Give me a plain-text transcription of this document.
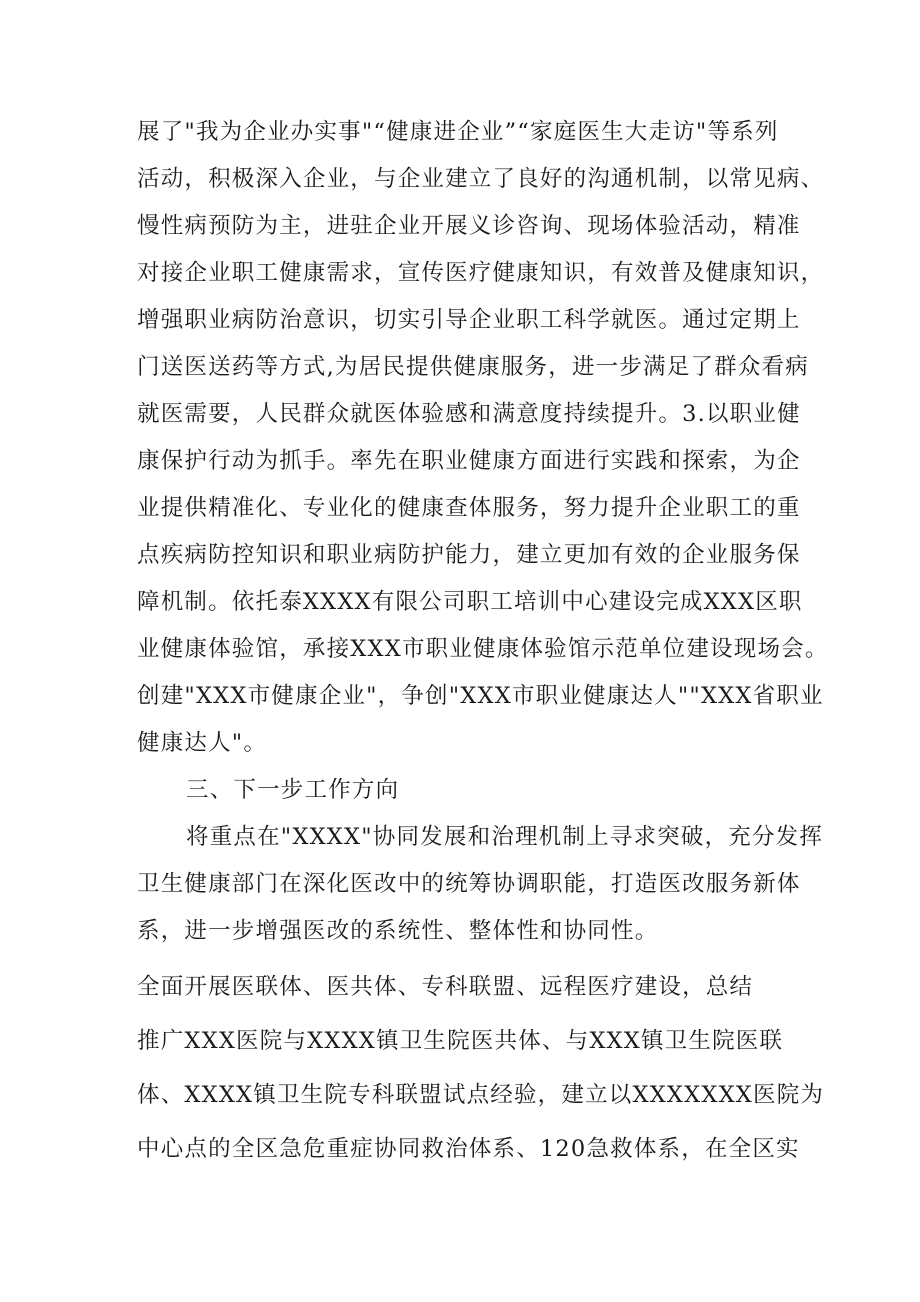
展了"我为企业办实事"“健康进企业”“家庭医生大走访"等系列
活动，积极深入企业，与企业建立了良好的沟通机制，以常见病、
慢性病预防为主，进驻企业开展义诊咨询、现场体验活动，精准
对接企业职工健康需求，宣传医疗健康知识，有效普及健康知识，
增强职业病防治意识，切实引导企业职工科学就医。通过定期上
门送医送药等方式,为居民提供健康服务，进一步满足了群众看病
就医需要，人民群众就医体验感和满意度持续提升。3.以职业健
康保护行动为抓手。率先在职业健康方面进行实践和探索，为企
业提供精准化、专业化的健康查体服务，努力提升企业职工的重
点疾病防控知识和职业病防护能力，建立更加有效的企业服务保
障机制。依托泰XXXX有限公司职工培训中心建设完成XXX区职
业健康体验馆，承接XXX市职业健康体验馆示范单位建设现场会。
创建"XXX市健康企业"，争创"XXX市职业健康达人""XXX省职业
健康达人"。
三、下一步工作方向
将重点在"XXXX"协同发展和治理机制上寻求突破，充分发挥
卫生健康部门在深化医改中的统筹协调职能，打造医改服务新体
系，进一步增强医改的系统性、整体性和协同性。
全面开展医联体、医共体、专科联盟、远程医疗建设，总结
推广XXX医院与XXXX镇卫生院医共体、与XXX镇卫生院医联
体、XXXX镇卫生院专科联盟试点经验，建立以XXXXXXX医院为
中心点的全区急危重症协同救治体系、120急救体系，在全区实
